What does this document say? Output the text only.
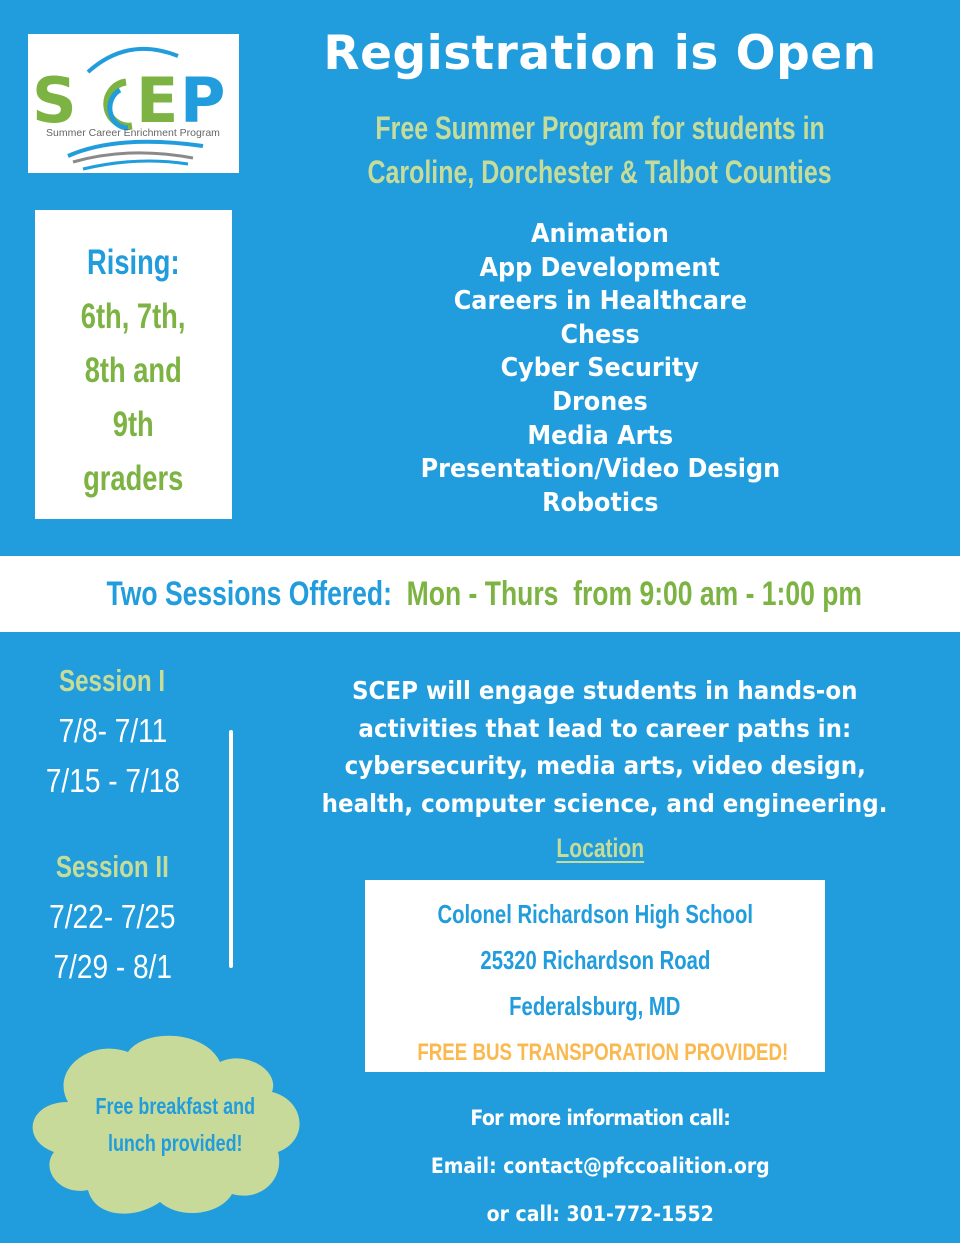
S E P
Summer Career Enrichment Program
Registration is Open
Free Summer Program for students in
Caroline, Dorchester & Talbot Counties
Rising:
6th, 7th,
8th and
9th
graders
Animation
App Development
Careers in Healthcare
Chess
Cyber Security
Drones
Media Arts
Presentation/Video Design
Robotics
Two Sessions Offered: Mon - Thurs  from 9:00 am - 1:00 pm
Session I
7/8- 7/11
7/15 - 7/18
Session II
7/22- 7/25
7/29 - 8/1
SCEP will engage students in hands-on
activities that lead to career paths in:
cybersecurity, media arts, video design,
health, computer science, and engineering.
Location
Colonel Richardson High School
25320 Richardson Road
Federalsburg, MD
FREE BUS TRANSPORATION PROVIDED!
Free breakfast and
lunch provided!
For more information call:
Email: contact@pfccoalition.org
or call: 301-772-1552
